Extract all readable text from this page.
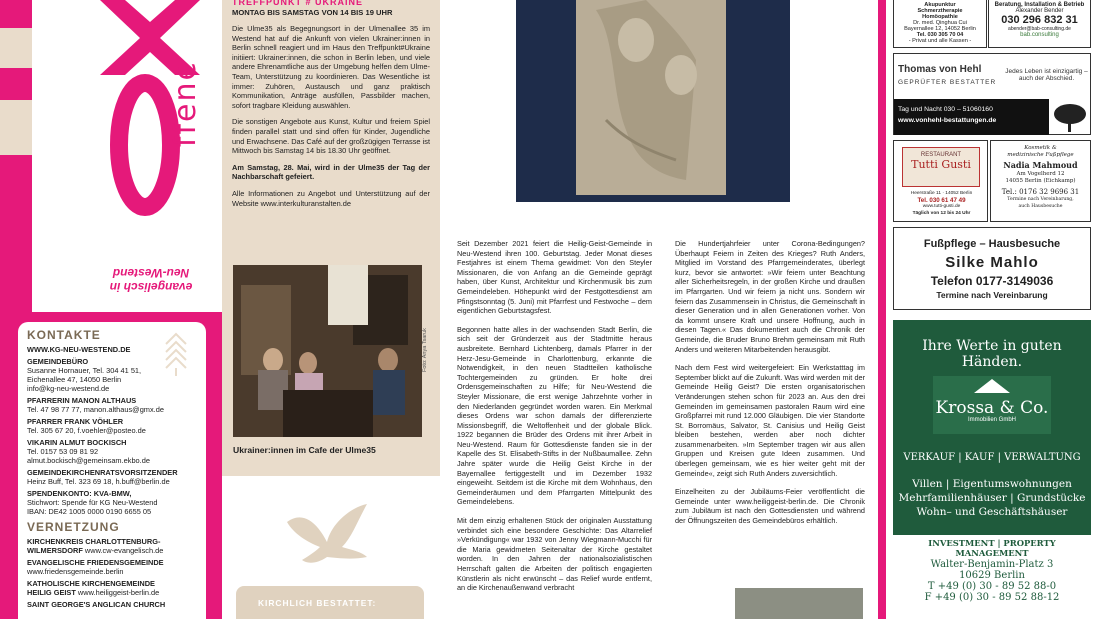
ffene
evangelisch in
Neu-Westend
KONTAKTE
WWW.KG-NEU-WESTEND.DE
GEMEINDEBÜRO
Susanne Hornauer, Tel. 304 41 51,
Eichenallee 47, 14050 Berlin
info@kg-neu-westend.de
PFARRERIN MANON ALTHAUS
Tel. 47 98 77 77, manon.althaus@gmx.de
PFARRER FRANK VÖHLER
Tel. 305 67 20, f.voehler@posteo.de
VIKARIN ALMUT BOCKISCH
Tel. 0157 53 09 81 92
almut.bockisch@gemeinsam.ekbo.de
GEMEINDEKIRCHENRATSVORSITZENDER
Heinz Buff, Tel. 323 69 18, h.buff@berlin.de
SPENDENKONTO: KVA-BMW,
Stichwort: Spende für KG Neu-Westend
IBAN: DE42 1005 0000 0190 6655 05
VERNETZUNG
KIRCHENKREIS CHARLOTTENBURG-
WILMERSDORF www.cw-evangelisch.de
EVANGELISCHE FRIEDENSGEMEINDE
www.friedensgemeinde.berlin
KATHOLISCHE KIRCHENGEMEINDE
HEILIG GEIST www.heiliggeist-berlin.de
SAINT GEORGE'S ANGLICAN CHURCH
TREFFPUNKT # UKRAINE
MONTAG BIS SAMSTAG VON 14 BIS 19 UHR
Die Ulme35 als Begegnungsort in der Ulmenallee 35 im Westend hat auf die Ankunft von vielen Ukrainer:innen in Berlin schnell reagiert und im Haus den Treffpunkt#Ukraine initiiert: Ukrainer:innen, die schon in Berlin leben, und viele andere Ehrenamtliche aus der Umgebung helfen dem Ulme-Team, Unterstützung zu koordinieren. Das Wesentliche ist immer: Zuhören, Austausch und ganz praktisch Kommunikation, Anträge ausfüllen, Passbilder machen, sofort tragbare Kleidung auswählen.
Die sonstigen Angebote aus Kunst, Kultur und freiem Spiel finden parallel statt und sind offen für Kinder, Jugendliche und Erwachsene. Das Café auf der großzügigen Terrasse ist Mittwoch bis Samstag 14 bis 18.30 Uhr geöffnet.
Am Samstag, 28. Mai, wird in der Ulme35 der Tag der Nachbarschaft gefeiert.
Alle Informationen zu Angebot und Unterstützung auf der Website www.interkulturanstalten.de
Foto: Anya Tsaruk
Ukrainer:innen im Cafe der Ulme35
KIRCHLICH BESTATTET:

Seit Dezember 2021 feiert die Heilig-Geist-Gemeinde in Neu-Westend ihren 100. Geburtstag. Jeder Monat dieses Festjahres ist einem Thema gewidmet: Von den Steyler Missionaren, die von Anfang an die Gemeinde geprägt haben, über Kunst, Architektur und Kirchenmusik bis zum Gemeindeleben. Höhepunkt wird der Festgottesdienst am Pfingstsonntag (5. Juni) mit Pfarrfest und Festwoche – dem eigentlichen Geburtstagsfest.

Begonnen hatte alles in der wachsenden Stadt Berlin, die sich seit der Gründerzeit aus der Stadtmitte heraus ausbreitete. Bernhard Lichtenberg, damals Pfarrer in der Herz-Jesu-Gemeinde in Charlottenburg, erkannte die Notwendigkeit, in den neuen Stadtteilen katholische Tochtergemeinden zu gründen. Er holte drei Ordensgemeinschaften zu Hilfe; für Neu-Westend die Steyler Missionare, die erst wenige Jahrzehnte vorher in den Niederlanden gegründet worden waren. Ein Merkmal dieses Ordens war schon damals der differenzierte Missionsbegriff, die Weltoffenheit und der globale Blick. 1922 begannen die Brüder des Ordens mit ihrer Arbeit in Neu-Westend. Raum für Gottesdienste fanden sie in der Kapelle des St. Elisabeth-Stifts in der Nußbaumallee. Zehn Jahre später wurde die Heilig Geist Kirche in der Bayernallee fertiggestellt und im Dezember 1932 eingeweiht. Seitdem ist die Kirche mit dem Wohnhaus, den Gemeinderäumen und dem Pfarrgarten Mittelpunkt des Gemeindelebens.

Mit dem einzig erhaltenen Stück der originalen Ausstattung verbindet sich eine besondere Geschichte: Das Altarrelief »Verkündigung« war 1932 von Jenny Wiegmann-Mucchi für die Maria gewidmeten Seitenaltar der Kirche gestaltet worden. In den Jahren der nationalsozialistischen Herrschaft galten die Arbeiten der politisch engagierten Künstlerin als nicht erwünscht – das Relief wurde entfernt, an die Kirchenaußenwand verbracht

Die Hundertjahrfeier unter Corona-Bedingungen? Überhaupt Feiern in Zeiten des Krieges? Ruth Anders, Mitglied im Vorstand des Pfarrgemeinderates, überlegt kurz, bevor sie antwortet: »Wir feiern unter Beachtung aller Sicherheitsregeln, in der großen Kirche und draußen im Pfarrgarten. Und wir feiern ja nicht uns. Sondern wir feiern das Zusammensein in Christus, die Gemeinschaft in dieser Generation und in allen Generationen vorher. Von da kommt unsere Kraft und unsere Hoffnung, auch in diesen Tagen.« Das dokumentiert auch die Chronik der Gemeinde, die Bruder Bruno Brehm gemeinsam mit Ruth Anders und weiteren Mitarbeitenden herausgibt.

Nach dem Fest wird weitergefeiert: Ein Werkstatttag im September blickt auf die Zukunft. Was wird werden mit der Gemeinde Heilig Geist? Die ersten organisatorischen Veränderungen stehen schon für 2023 an. Aus den drei Gemeinden im gemeinsamen pastoralen Raum wird eine Großpfarrei mit rund 12.000 Gläubigen. Die vier Standorte St. Borromäus, Salvator, St. Canisius und Heilig Geist bleiben bestehen, werden aber noch dichter zusammenarbeiten. »Im September tragen wir aus allen Gruppen und Kreisen gute Ideen zusammen. Und überlegen gemeinsam, wie es hier weiter geht mit der Gemeinde«, zeigt sich Ruth Anders zuversichtlich.

Einzelheiten zu der Jubiläums-Feier veröffentlicht die Gemeinde unter www.heiliggeist-berlin.de. Die Chronik zum Jubiläum ist nach den Gottesdiensten und während der Öffnungszeiten des Gemeindebüros erhältlich.

Akupunktur
Schmerztherapie
Homöopathie
Dr. med. Qinghua Cui
Bayernallee 12, 14052 Berlin
Tel. 030 305 70 04
- Privat und alle Kassen -
Beratung, Installation & Betrieb
Alexander Bender
030 296 832 31
abender@bab-consulting.de
bab.consulting
Thomas von Hehl
GEPRÜFTER BESTATTER
Jedes Leben ist einzigartig –
auch der Abschied.
Tag und Nacht 030 – 51060160
www.vonhehl-bestattungen.de
RESTAURANT
Tutti Gusti
Heerstraße 11 · 14052 Berlin
Tel. 030 61 47 49
www.tutti-gusti.de
Täglich von 12 bis 24 Uhr
Kosmetik &
medizinische Fußpflege
Nadia Mahmoud
Am Vogelherd 12
14055 Berlin (Eichkamp)
Tel.: 0176 32 9696 31
Termine nach Vereinbarung,
auch Hausbesuche
Fußpflege – Hausbesuche
Silke Mahlo
Telefon 0177-3149036
Termine nach Vereinbarung
Ihre Werte in guten Händen.
Krossa & Co.
Immobilien GmbH
VERKAUF | KAUF | VERWALTUNG
Villen | Eigentumswohnungen
Mehrfamilienhäuser | Grundstücke
Wohn– und Geschäftshäuser
INVESTMENT | PROPERTY MANAGEMENT
Walter-Benjamin-Platz 3
10629 Berlin
T +49 (0) 30 - 89 52 88-0
F +49 (0) 30 - 89 52 88-12
